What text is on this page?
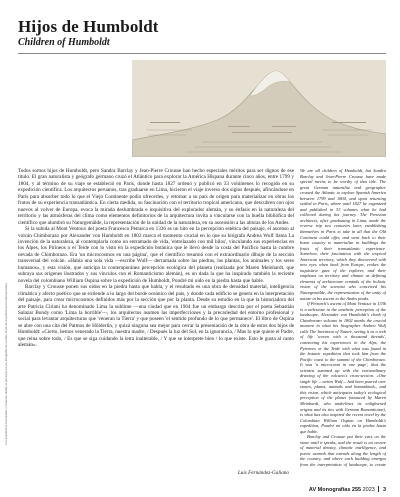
Hijos de Humboldt
Children of Humboldt
Los arquitectos Fernández y Crousse desde el principio con la fotografía de su libro Guía de Arquitectura Contemporánea

Todos somos hijos de Humboldt, pero Sandra Barclay y Jean-Pierre Crousse han hecho especiales méritos para ser dignos de ese título. El gran naturalista y geógrafo germano cruzó el Atlántico para explorar la América Hispana durante cinco años, entre 1799 y 1804, y al término de su viaje se estableció en París, donde hasta 1827 ordenó y publicó en 33 volúmenes lo recogido en su expedición científica. Los arquitectos peruanos, tras graduarse en Lima, hicieron el viaje inverso dos siglos después, afincándose en París para absorber todo lo que el Viejo Continente podía ofrecerles, y retornar a su país de origen para materializar en obras los frutos de su experiencia transatlántica. En cierta medida, su fascinación con el territorio tropical americano, que descubren con ojos nuevos al volver de Europa, evoca la mirada deslumbrada e inquisitiva del explorador alemán, y su énfasis en la naturaleza del territorio y las atmósferas del clima como elementos definitorios de la arquitectura invita a vincularse con la huella bibliófica del científico que alumbró su Naturgemälde, la representación de la unidad de la naturaleza, en su ascensión a las alturas de los Andes.

Si la subida al Mont Ventoux del poeta Francesco Petrarca en 1336 es un hito en la percepción estética del paisaje, el ascenso al volcán Chimborazo por Alexander von Humboldt en 1802 marca el momento crucial en lo que su biógrafa Andrea Wulf llama La invención de la naturaleza, al contemplarla como un entramado de vida, 'entrelazado con mil hilos', vinculando sus experiencias en los Alpes, los Pirineos o el Teide con lo visto en la expedición botánica que le llevó desde la costa del Pacífico hasta la cumbre nevada de Chimborazo. Era 'un microcosmos en una página', que el científico resumió con el extraordinario dibujo de la sección transversal del volcán. «Había una sola vida —escribe Wulf— derramada sobre las piedras, las plantas, los animales y los seres humanos», y esta visión, que anticipa la contemporánea percepción ecológica del planeta (realizada por Maren Meinhardt, que subraya sus orígenes ilustrados y sus vínculos con el Romanticismo alemán), es un dada la que ha inspirado también la reciente novela del colombiano William Ospina sobre la expedición de Humboldt, Pondré mi oído en la piedra hasta que hable.

Barclay y Crousse ponen sus oídos en la piedra hasta que habla, y el resultado es una obra de densidad material, inteligencia climática y afecto poético que se extiende a lo largo del borde oceánico del país, y donde cada edificio se genera en la interpretación del paisaje, para crear microcosmos definidos más por la sección que por la planta. Desde su estudio en la que la historiadora del arte Patricia Ciriani ha denominado Lima la sublime —una ciudad que en 1964 fue un embargo descrita por el poeta Sebastián Salazar Bondy como 'Lima la horrible'—, los arquitectos asumen las imperfecciones y la precariedad del entorno profesional y social para levantar arquitecturas que 'veneran la Tierra' y que poseen 'el sentido profundo de lo que permanece'. El libro de Ospina se abre con una cita del Patmos de Hölderlin, y quizá ninguna sea mejor para cerrar la presentación de la obra de estos dos hijos de Humboldt: «Cierto, hemos venerado la Tierra, nuestra madre, / Después la luz del Sol, en la ignorancia, / Mas lo que quiere el Padre, que reina sobre todo, / Es que se siga cuidando la letra inalterable, / Y que se interprete bien / lo que existe. Esto le gusta al canto alemán».

We are all children of Humboldt, but Sandra Barclay and Jean-Pierre Crousse have made special merits to be worthy of that title. The great German naturalist and geographer crossed the Atlantic to explore Spanish America between 1799 and 1804, and upon returning settled in Paris, where until 1827 he organized and published in 33 volumes what he had collected during his journey. The Peruvian architects, after graduating in Lima, made the reverse trip two centuries later, establishing themselves in Paris to take in all that the Old Continent could offer, and went back to their home country to materialize in buildings the fruits of their transatlantic experience. Somehow, their fascination with the tropical American territory, which they discovered with new eyes when back from Europe, evokes the inquisitive gaze of the explorer, and their emphasis on territory and climate as defining elements of architecture reminds of the holistic vision of the scientist who conceived his Naturgemälde, the representation of the unity of nature in his ascent to the Andes peaks.

If Petrarch's ascent of Mont Ventoux in 1336 is a milestone in the aesthetic perception of the landscape, Alexander von Humboldt's climb of Chimborazo volcano in 1802 marks the crucial moment in what his biographer Andrea Wulf calls The Invention of Nature, seeing it as a web of life 'woven with a thousand threads', connecting his experiences in the Alps, the Pyrenees or the Teide with what was found in the botanic expedition that took him from the Pacific coast to the summit of the Chimborazo. It was 'a microcosm in one page', that the scientist summed up with the extraordinary drawing of the volcano's cross-section. «One single life —writes Wulf— had been poured over stones, plants, animals and humankind», and this vision, which anticipates today's ecological perception of the planet (nuanced by Maren Meinhardt, who underlines its enlightened origins and its ties with German Romanticism), is what has also inspired the recent novel by the Colombian William Ospina on Humboldt's expedition, Pondré mi oído en la piedra hasta que hable.

Barclay and Crousse put their ears on the stone until it speaks, and the result is an oeuvre of material density, climatic intelligence, and poetic warmth that extends along the length of the country, and where each building emerges from the interpretation of landscape, to create

Luis Fernández-Galiano
AV Monografías 255 2023 3
